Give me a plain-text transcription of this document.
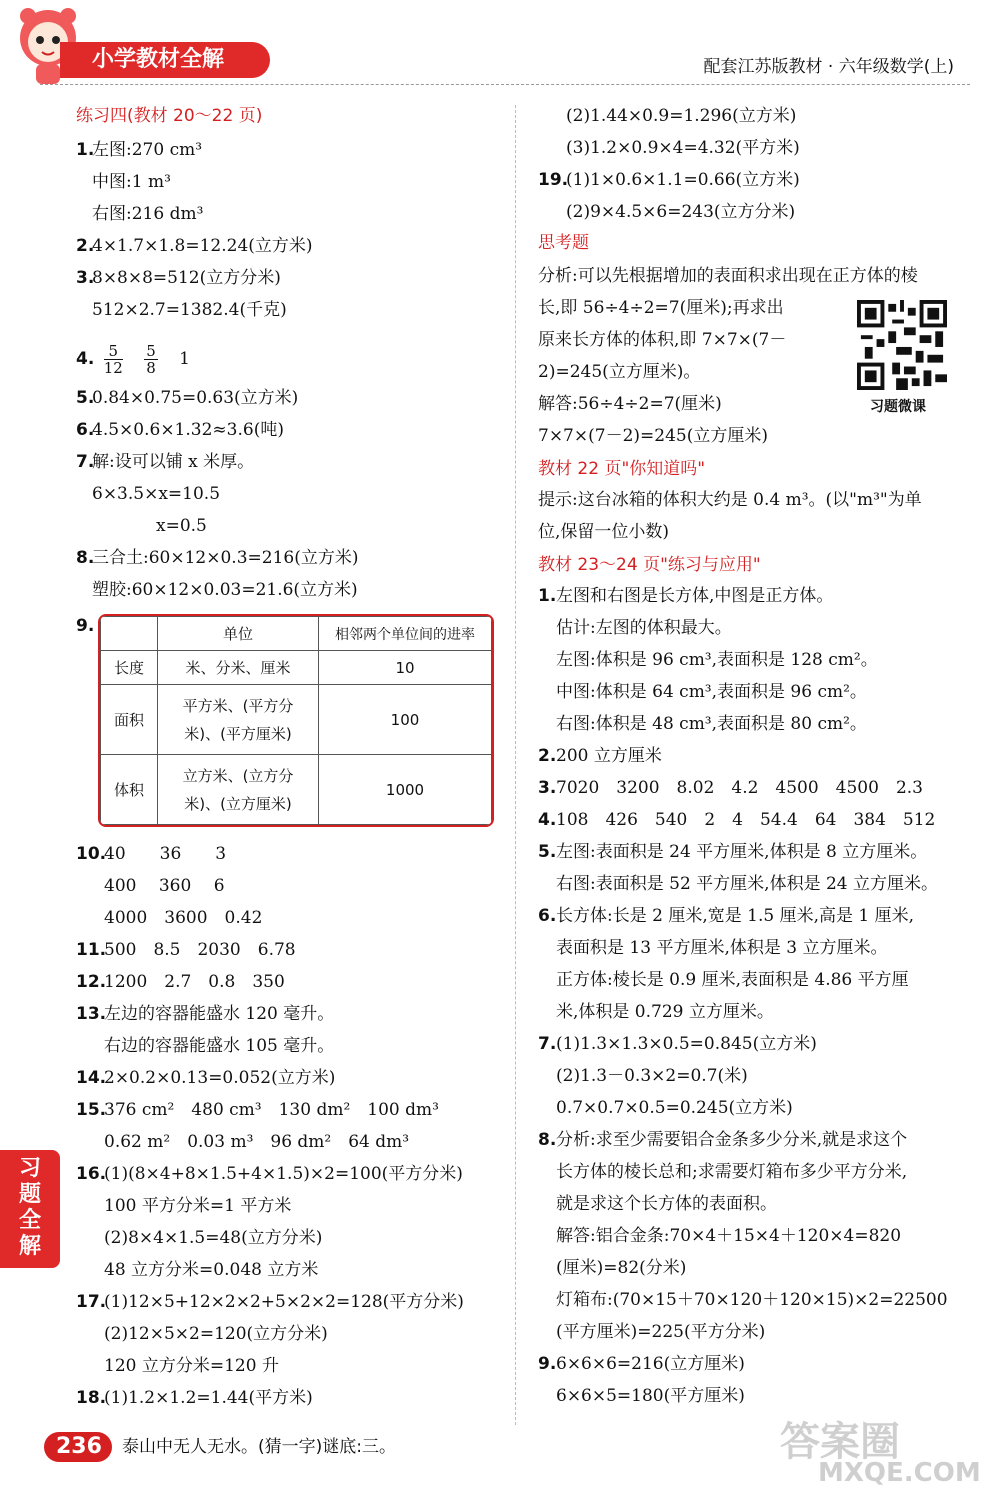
小学教材全解	配套江苏版教材 · 六年级数学(上)
习题全解
练习四(教材 20～22 页)
1.左图:270 cm³
中图:1 m³
右图:216 dm³
2.4×1.7×1.8=12.24(立方米)
3.8×8×8=512(立方分米)
512×2.7=1382.4(千克)
4. $\frac{5}{12} \frac{5}{8} 1$
5.0.84×0.75=0.63(立方米)
6.4.5×0.6×1.32≈3.6(吨)
7.解:设可以铺 x 米厚。
6×3.5×x=10.5
x=0.5
8.三合土:60×12×0.3=216(立方米)
塑胶:60×12×0.03=21.6(立方米)
9.
		单位	相邻两个单位间的进率
长度	米、分米、厘米	10
面积	平方米、(平方分
米)、(平方厘米)	100
体积	立方米、(立方分
米)、(立方厘米)	1000
10.40　　36　　3
400　 360　 6
4000　3600　0.42
11.500　8.5　2030　6.78
12.1200　2.7　0.8　350
13.左边的容器能盛水 120 毫升。
右边的容器能盛水 105 毫升。
14.2×0.2×0.13=0.052(立方米)
15.376 cm²　480 cm³　130 dm²　100 dm³
0.62 m²　0.03 m³　96 dm²　64 dm³
16.(1)(8×4+8×1.5+4×1.5)×2=100(平方分米)
100 平方分米=1 平方米
(2)8×4×1.5=48(立方分米)
48 立方分米=0.048 立方米
17.(1)12×5+12×2×2+5×2×2=128(平方分米)
(2)12×5×2=120(立方分米)
120 立方分米=120 升
18.(1)1.2×1.2=1.44(平方米)
(2)1.44×0.9=1.296(立方米)
(3)1.2×0.9×4=4.32(平方米)
19.(1)1×0.6×1.1=0.66(立方米)
(2)9×4.5×6=243(立方分米)
思考题
分析:可以先根据增加的表面积求出现在正方体的棱
长,即 56÷4÷2=7(厘米);再求出
原来长方体的体积,即 7×7×(7－
2)=245(立方厘米)。
解答:56÷4÷2=7(厘米)
7×7×(7－2)=245(立方厘米)
习题微课
教材 22 页"你知道吗"
提示:这台冰箱的体积大约是 0.4 m³。(以"m³"为单
位,保留一位小数)
教材 23～24 页"练习与应用"
1.左图和右图是长方体,中图是正方体。
估计:左图的体积最大。
左图:体积是 96 cm³,表面积是 128 cm²。
中图:体积是 64 cm³,表面积是 96 cm²。
右图:体积是 48 cm³,表面积是 80 cm²。
2.200 立方厘米
3.7020　3200　8.02　4.2　4500　4500　2.3
4.108　426　540　2　4　54.4　64　384　512
5.左图:表面积是 24 平方厘米,体积是 8 立方厘米。
右图:表面积是 52 平方厘米,体积是 24 立方厘米。
6.长方体:长是 2 厘米,宽是 1.5 厘米,高是 1 厘米,
表面积是 13 平方厘米,体积是 3 立方厘米。
正方体:棱长是 0.9 厘米,表面积是 4.86 平方厘
米,体积是 0.729 立方厘米。
7.(1)1.3×1.3×0.5=0.845(立方米)
(2)1.3－0.3×2=0.7(米)
0.7×0.7×0.5=0.245(立方米)
8.分析:求至少需要铝合金条多少分米,就是求这个
长方体的棱长总和;求需要灯箱布多少平方分米,
就是求这个长方体的表面积。
解答:铝合金条:70×4＋15×4＋120×4=820
(厘米)=82(分米)
灯箱布:(70×15＋70×120＋120×15)×2=22500
(平方厘米)=225(平方分米)
9.6×6×6=216(立方厘米)
6×6×5=180(平方厘米)
236 泰山中无人无水。(猜一字)谜底:三。	答案圈
MXQE.COM
